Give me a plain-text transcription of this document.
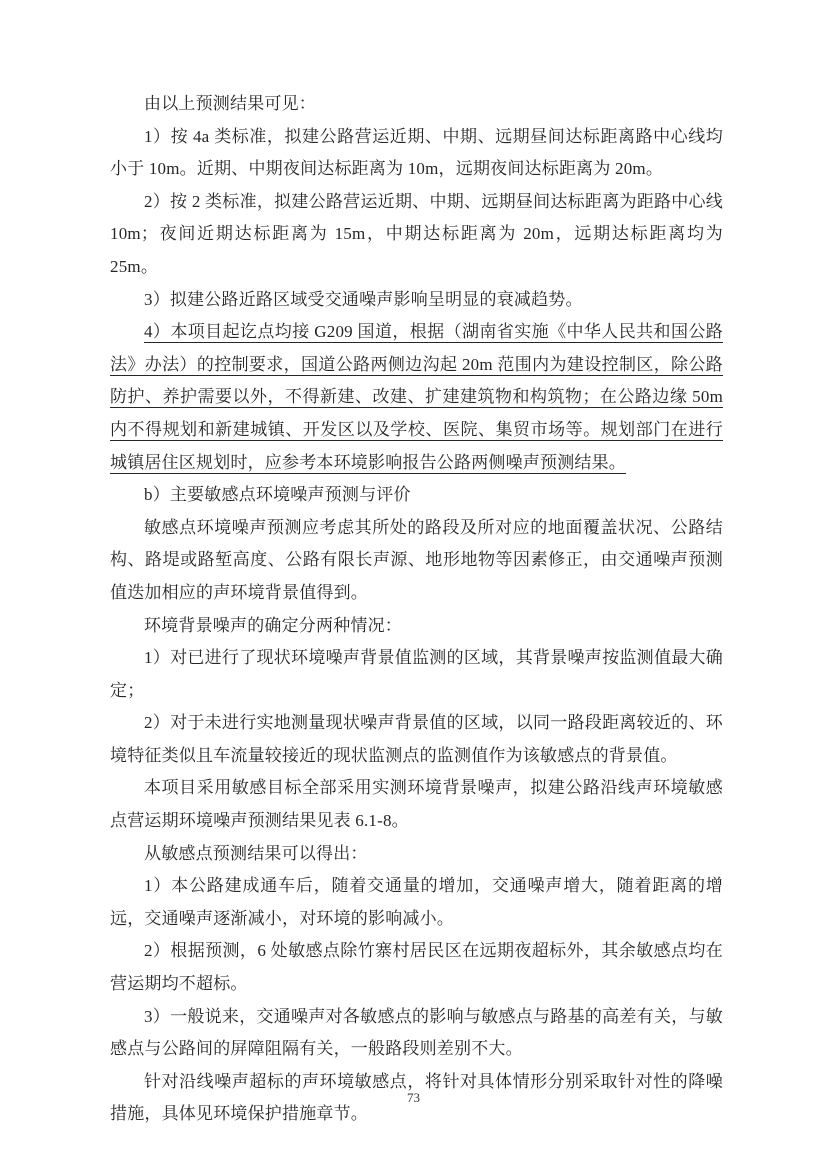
由以上预测结果可见：

1）按 4a 类标准，拟建公路营运近期、中期、远期昼间达标距离路中心线均小于 10m。近期、中期夜间达标距离为 10m，远期夜间达标距离为 20m。

2）按 2 类标准，拟建公路营运近期、中期、远期昼间达标距离为距路中心线 10m；夜间近期达标距离为 15m，中期达标距离为 20m，远期达标距离均为 25m。

3）拟建公路近路区域受交通噪声影响呈明显的衰减趋势。

4）本项目起讫点均接 G209 国道，根据（湖南省实施《中华人民共和国公路法》办法）的控制要求，国道公路两侧边沟起 20m 范围内为建设控制区，除公路防护、养护需要以外，不得新建、改建、扩建建筑物和构筑物；在公路边缘 50m 内不得规划和新建城镇、开发区以及学校、医院、集贸市场等。规划部门在进行城镇居住区规划时，应参考本环境影响报告公路两侧噪声预测结果。

b）主要敏感点环境噪声预测与评价

敏感点环境噪声预测应考虑其所处的路段及所对应的地面覆盖状况、公路结构、路堤或路堑高度、公路有限长声源、地形地物等因素修正，由交通噪声预测值迭加相应的声环境背景值得到。

环境背景噪声的确定分两种情况：

1）对已进行了现状环境噪声背景值监测的区域，其背景噪声按监测值最大确定；

2）对于未进行实地测量现状噪声背景值的区域，以同一路段距离较近的、环境特征类似且车流量较接近的现状监测点的监测值作为该敏感点的背景值。

本项目采用敏感目标全部采用实测环境背景噪声，拟建公路沿线声环境敏感点营运期环境噪声预测结果见表 6.1-8。

从敏感点预测结果可以得出：

1）本公路建成通车后，随着交通量的增加，交通噪声增大，随着距离的增远，交通噪声逐渐减小，对环境的影响减小。

2）根据预测，6 处敏感点除竹寨村居民区在远期夜超标外，其余敏感点均在营运期均不超标。

3）一般说来，交通噪声对各敏感点的影响与敏感点与路基的高差有关，与敏感点与公路间的屏障阻隔有关，一般路段则差别不大。

针对沿线噪声超标的声环境敏感点，将针对具体情形分别采取针对性的降噪措施，具体见环境保护措施章节。

73
